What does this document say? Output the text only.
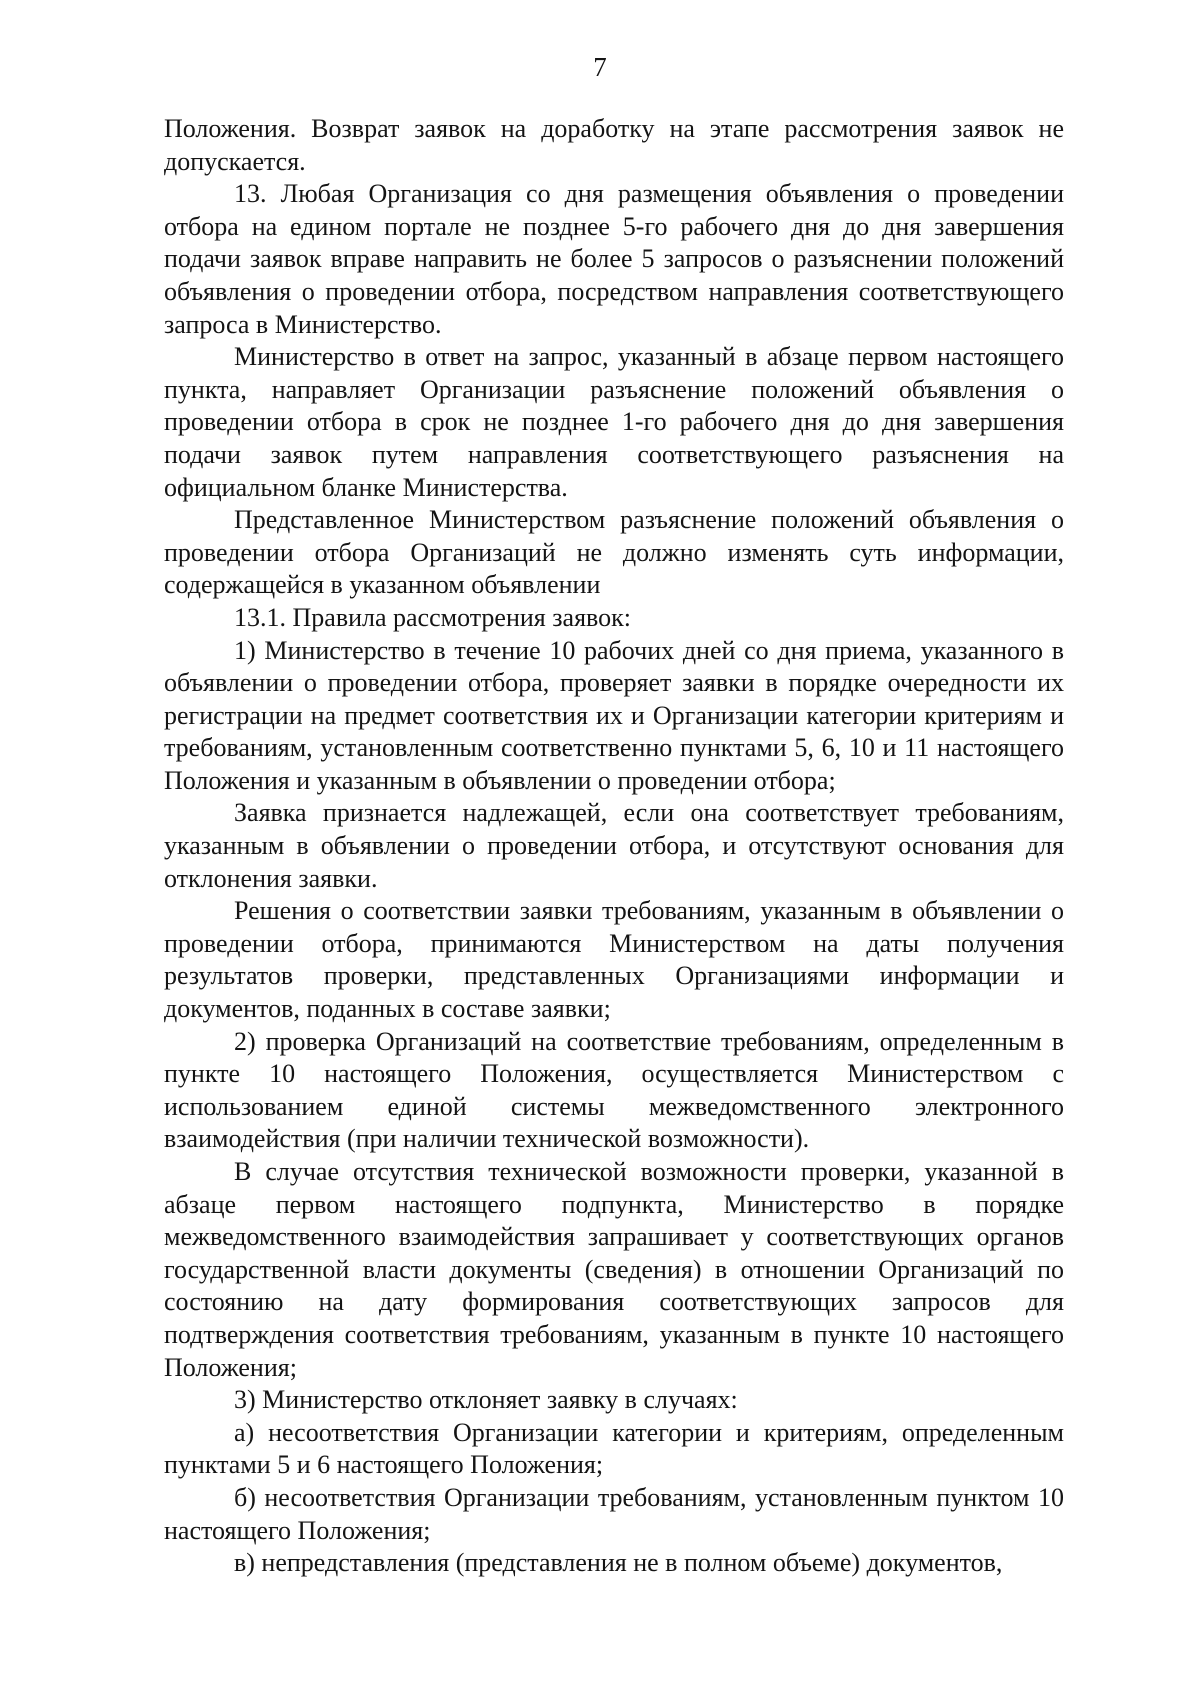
7

Положения. Возврат заявок на доработку на этапе рассмотрения заявок не допускается.

13. Любая Организация со дня размещения объявления о проведении отбора на едином портале не позднее 5-го рабочего дня до дня завершения подачи заявок вправе направить не более 5 запросов о разъяснении положений объявления о проведении отбора, посредством направления соответствующего запроса в Министерство.

Министерство в ответ на запрос, указанный в абзаце первом настоящего пункта, направляет Организации разъяснение положений объявления о проведении отбора в срок не позднее 1-го рабочего дня до дня завершения подачи заявок путем направления соответствующего разъяснения на официальном бланке Министерства.

Представленное Министерством разъяснение положений объявления о проведении отбора Организаций не должно изменять суть информации, содержащейся в указанном объявлении

13.1. Правила рассмотрения заявок:

1) Министерство в течение 10 рабочих дней со дня приема, указанного в объявлении о проведении отбора, проверяет заявки в порядке очередности их регистрации на предмет соответствия их и Организации категории критериям и требованиям, установленным соответственно пунктами 5, 6, 10 и 11 настоящего Положения и указанным в объявлении о проведении отбора;

Заявка признается надлежащей, если она соответствует требованиям, указанным в объявлении о проведении отбора, и отсутствуют основания для отклонения заявки.

Решения о соответствии заявки требованиям, указанным в объявлении о проведении отбора, принимаются Министерством на даты получения результатов проверки, представленных Организациями информации и документов, поданных в составе заявки;

2) проверка Организаций на соответствие требованиям, определенным в пункте 10 настоящего Положения, осуществляется Министерством с использованием единой системы межведомственного электронного взаимодействия (при наличии технической возможности).

В случае отсутствия технической возможности проверки, указанной в абзаце первом настоящего подпункта, Министерство в порядке межведомственного взаимодействия запрашивает у соответствующих органов государственной власти документы (сведения) в отношении Организаций по состоянию на дату формирования соответствующих запросов для подтверждения соответствия требованиям, указанным в пункте 10 настоящего Положения;

3) Министерство отклоняет заявку в случаях:

а) несоответствия Организации категории и критериям, определенным пунктами 5 и 6 настоящего Положения;

б) несоответствия Организации требованиям, установленным пунктом 10 настоящего Положения;

в) непредставления (представления не в полном объеме) документов,
